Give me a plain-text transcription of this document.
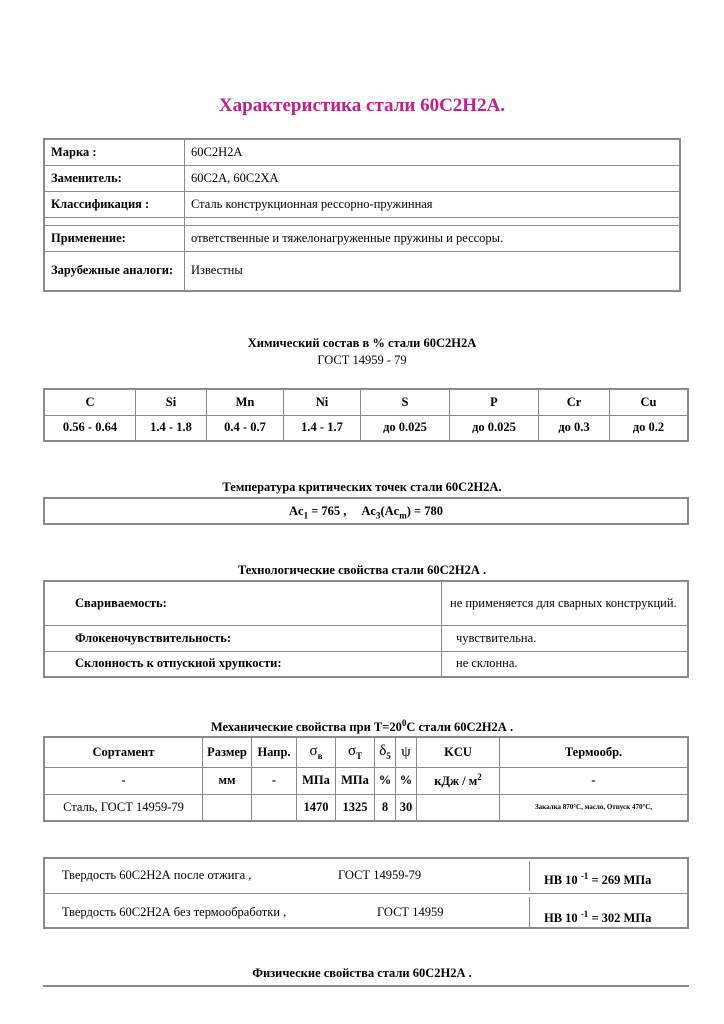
Характеристика стали 60С2Н2А.
Марка :	60С2Н2А
Заменитель:	60С2А, 60С2ХА
Классификация :	Сталь конструкционная рессорно-пружинная

Применение:	ответственные и тяжелонагруженные пружины и рессоры.
Зарубежные аналоги:	Известны
Химический состав в % стали 60С2Н2А
ГОСТ 14959 - 79
C	Si	Mn	Ni	S	P	Cr	Cu
0.56 - 0.64	1.4 - 1.8	0.4 - 0.7	1.4 - 1.7	до 0.025	до 0.025	до 0.3	до 0.2
Температура критических точек стали 60С2Н2А.
$Ac_1 = 765$ , $Ac_3(Ac_m) = 780$
Технологические свойства стали 60С2Н2А .
Свариваемость:	не применяется для сварных конструкций.
Флокеночувствительность:	чувствительна.
Склонность к отпускной хрупкости:	не склонна.
Механические свойства при $Т=20^0С$ стали 60С2Н2А .
Сортамент	Размер	Напр.	$\sigma_в$	$\sigma_T$	$\delta_5$	ψ	KCU	Термообр.
-	мм	-	МПа	МПа	%	%	кДж / $м^2$	-
Сталь, ГОСТ 14959-79			1470	1325	8	30		Закалка 870°C, масло, Отпуск 470°C,
Твердость 60С2Н2А после отжига ,	ГОСТ 14959-79	HB 10 $^{-1}$ = 269 МПа
Твердость 60С2Н2А без термообработки ,	ГОСТ 14959	HB 10 $^{-1}$ = 302 МПа
Физические свойства стали 60С2Н2А .
